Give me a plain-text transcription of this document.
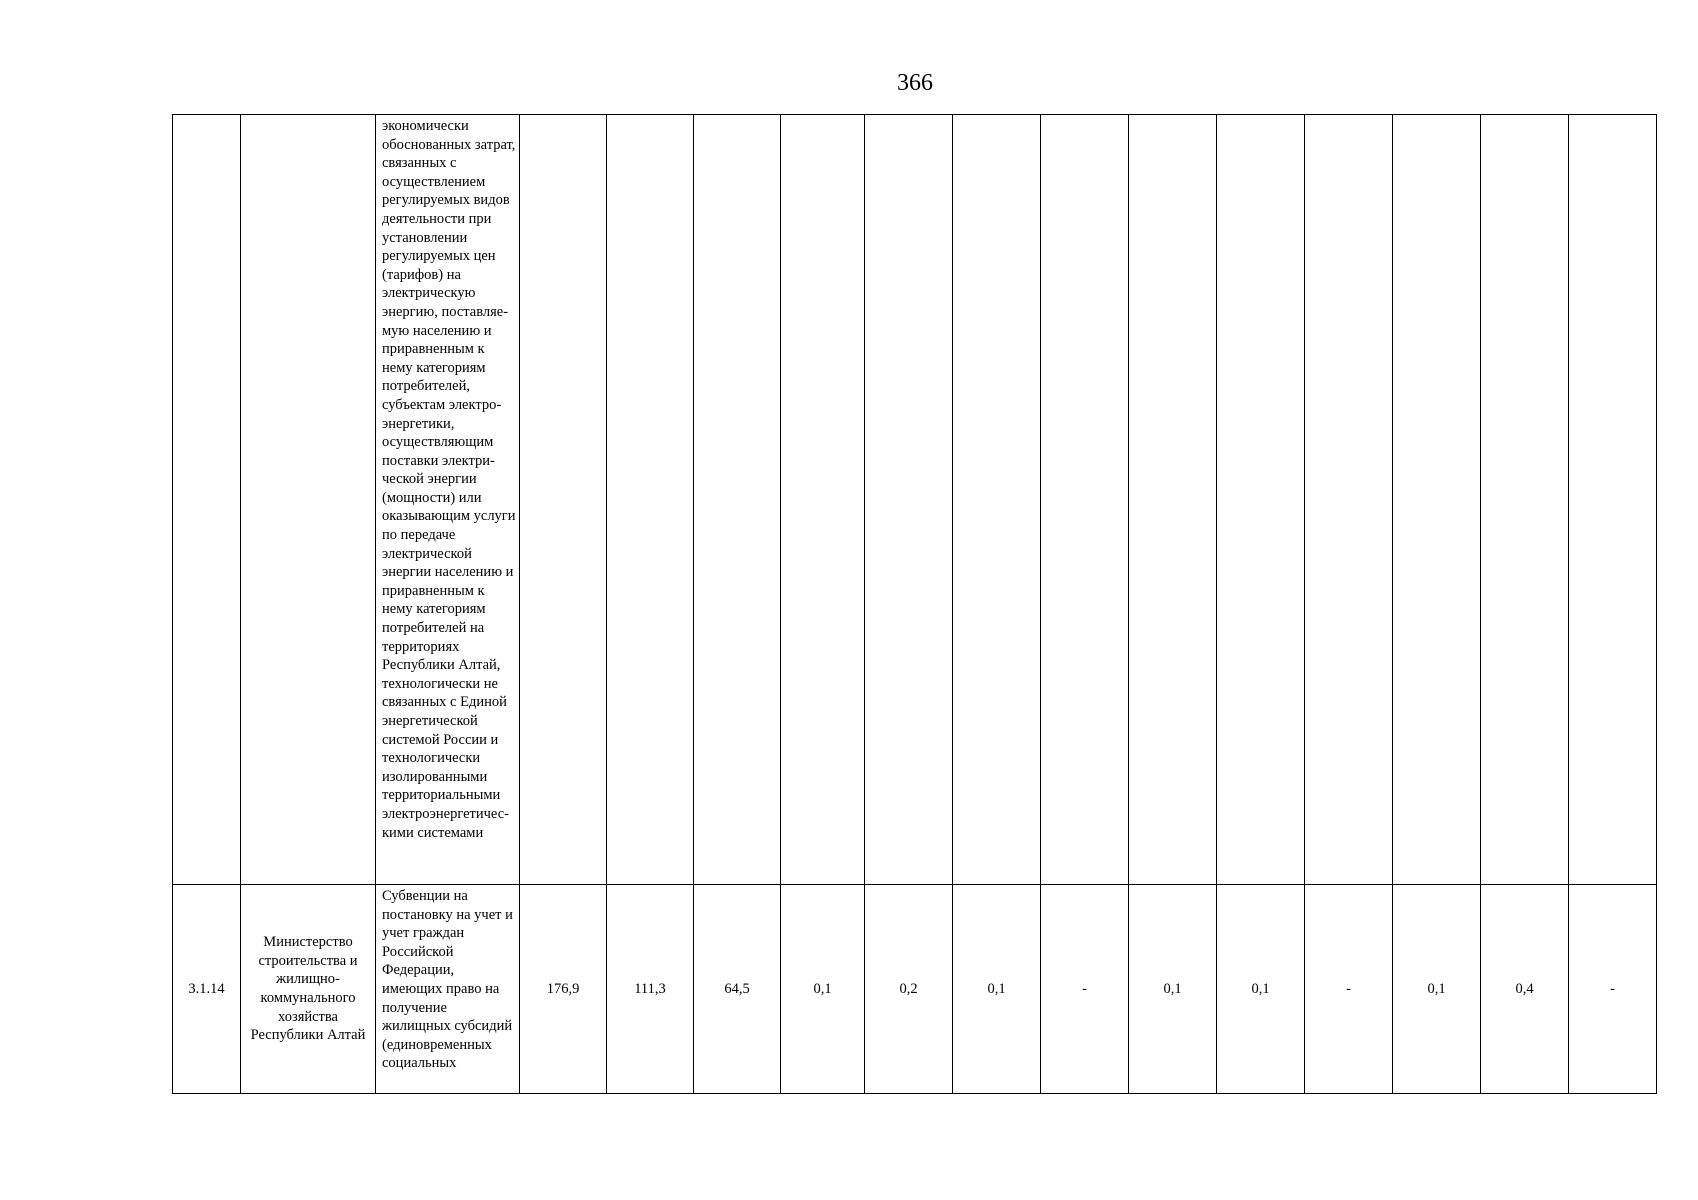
366
		экономически обоснованных затрат, связанных с осуществлением регулируемых видов деятельности при установлении регулируемых цен (тарифов) на электрическую энергию, поставляе-мую населению и приравненным к нему категориям потребителей, субъектам электро-энергетики, осуществляющим поставки электри-ческой энергии (мощности) или оказывающим услуги по передаче электрической энергии населению и приравненным к нему категориям потребителей на территориях Республики Алтай, технологически не связанных с Единой энергетической системой России и технологически изолированными территориальными электроэнергетичес-кими системами													
3.1.14	Министерство строительства и жилищно-коммунального хозяйства Республики Алтай	Субвенции на постановку на учет и учет граждан Российской Федерации, имеющих право на получение жилищных субсидий (единовременных социальных	176,9	111,3	64,5	0,1	0,2	0,1	-	0,1	0,1	-	0,1	0,4	-
